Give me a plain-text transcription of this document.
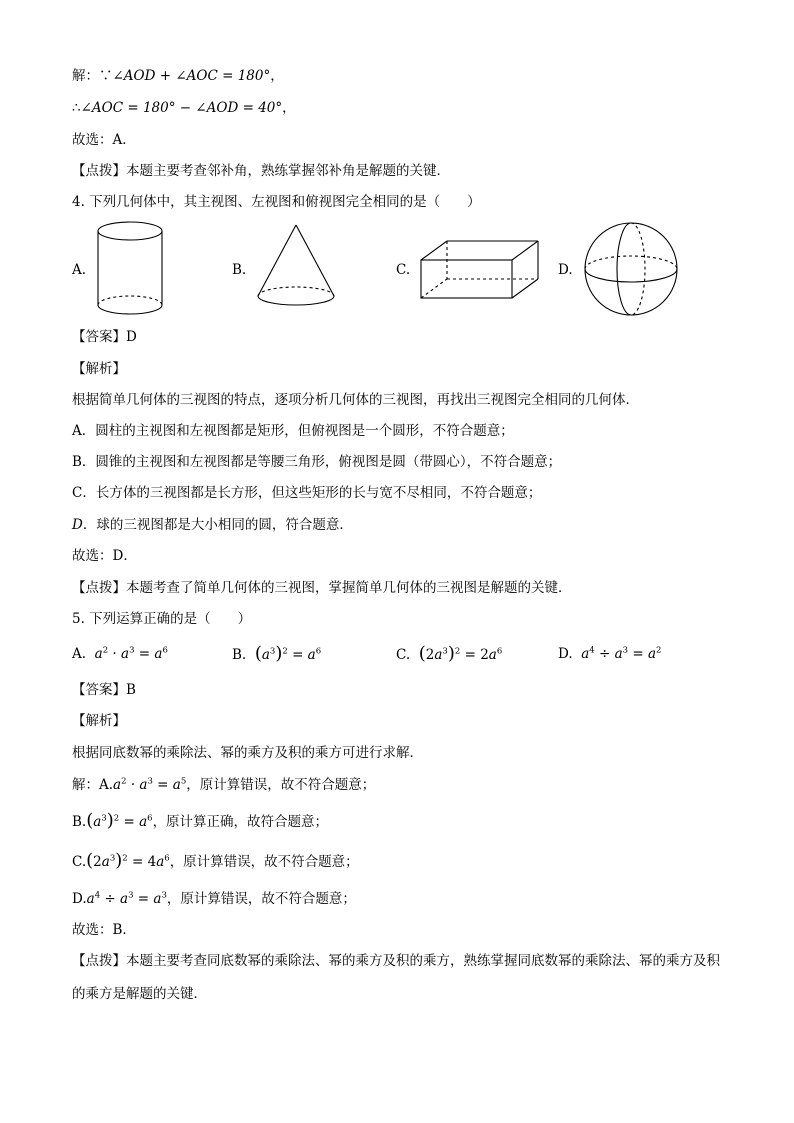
解：∵∠AOD + ∠AOC = 180°，
∴∠AOC = 180° − ∠AOD = 40°，
故选：A．
【点拨】本题主要考查邻补角，熟练掌握邻补角是解题的关键．
4. 下列几何体中，其主视图、左视图和俯视图完全相同的是（　　）
A.	B.	C.	D.
【答案】D
【解析】
根据简单几何体的三视图的特点，逐项分析几何体的三视图，再找出三视图完全相同的几何体．
A．圆柱的主视图和左视图都是矩形，但俯视图是一个圆形，不符合题意；
B．圆锥的主视图和左视图都是等腰三角形，俯视图是圆（带圆心），不符合题意；
C．长方体的三视图都是长方形，但这些矩形的长与宽不尽相同，不符合题意；
D．球的三视图都是大小相同的圆，符合题意．
故选：D．
【点拨】本题考查了简单几何体的三视图，掌握简单几何体的三视图是解题的关键．
5. 下列运算正确的是（　　）
A. $a^2 \cdot a^3 = a^6$	B. $(a^3)^2 = a^6$	C. $(2a^3)^2 = 2a^6$	D. $a^4 \div a^3 = a^2$
【答案】B
【解析】
根据同底数幂的乘除法、幂的乘方及积的乘方可进行求解．
解：$A.a^2 \cdot a^3 = a^5$，原计算错误，故不符合题意；
$B.(a^3)^2 = a^6$，原计算正确，故符合题意；
$C.(2a^3)^2 = 4a^6$，原计算错误，故不符合题意；
$D.a^4 \div a^3 = a^3$，原计算错误，故不符合题意；
故选：B．
【点拨】本题主要考查同底数幂的乘除法、幂的乘方及积的乘方，熟练掌握同底数幂的乘除法、幂的乘方及积的乘方是解题的关键．
